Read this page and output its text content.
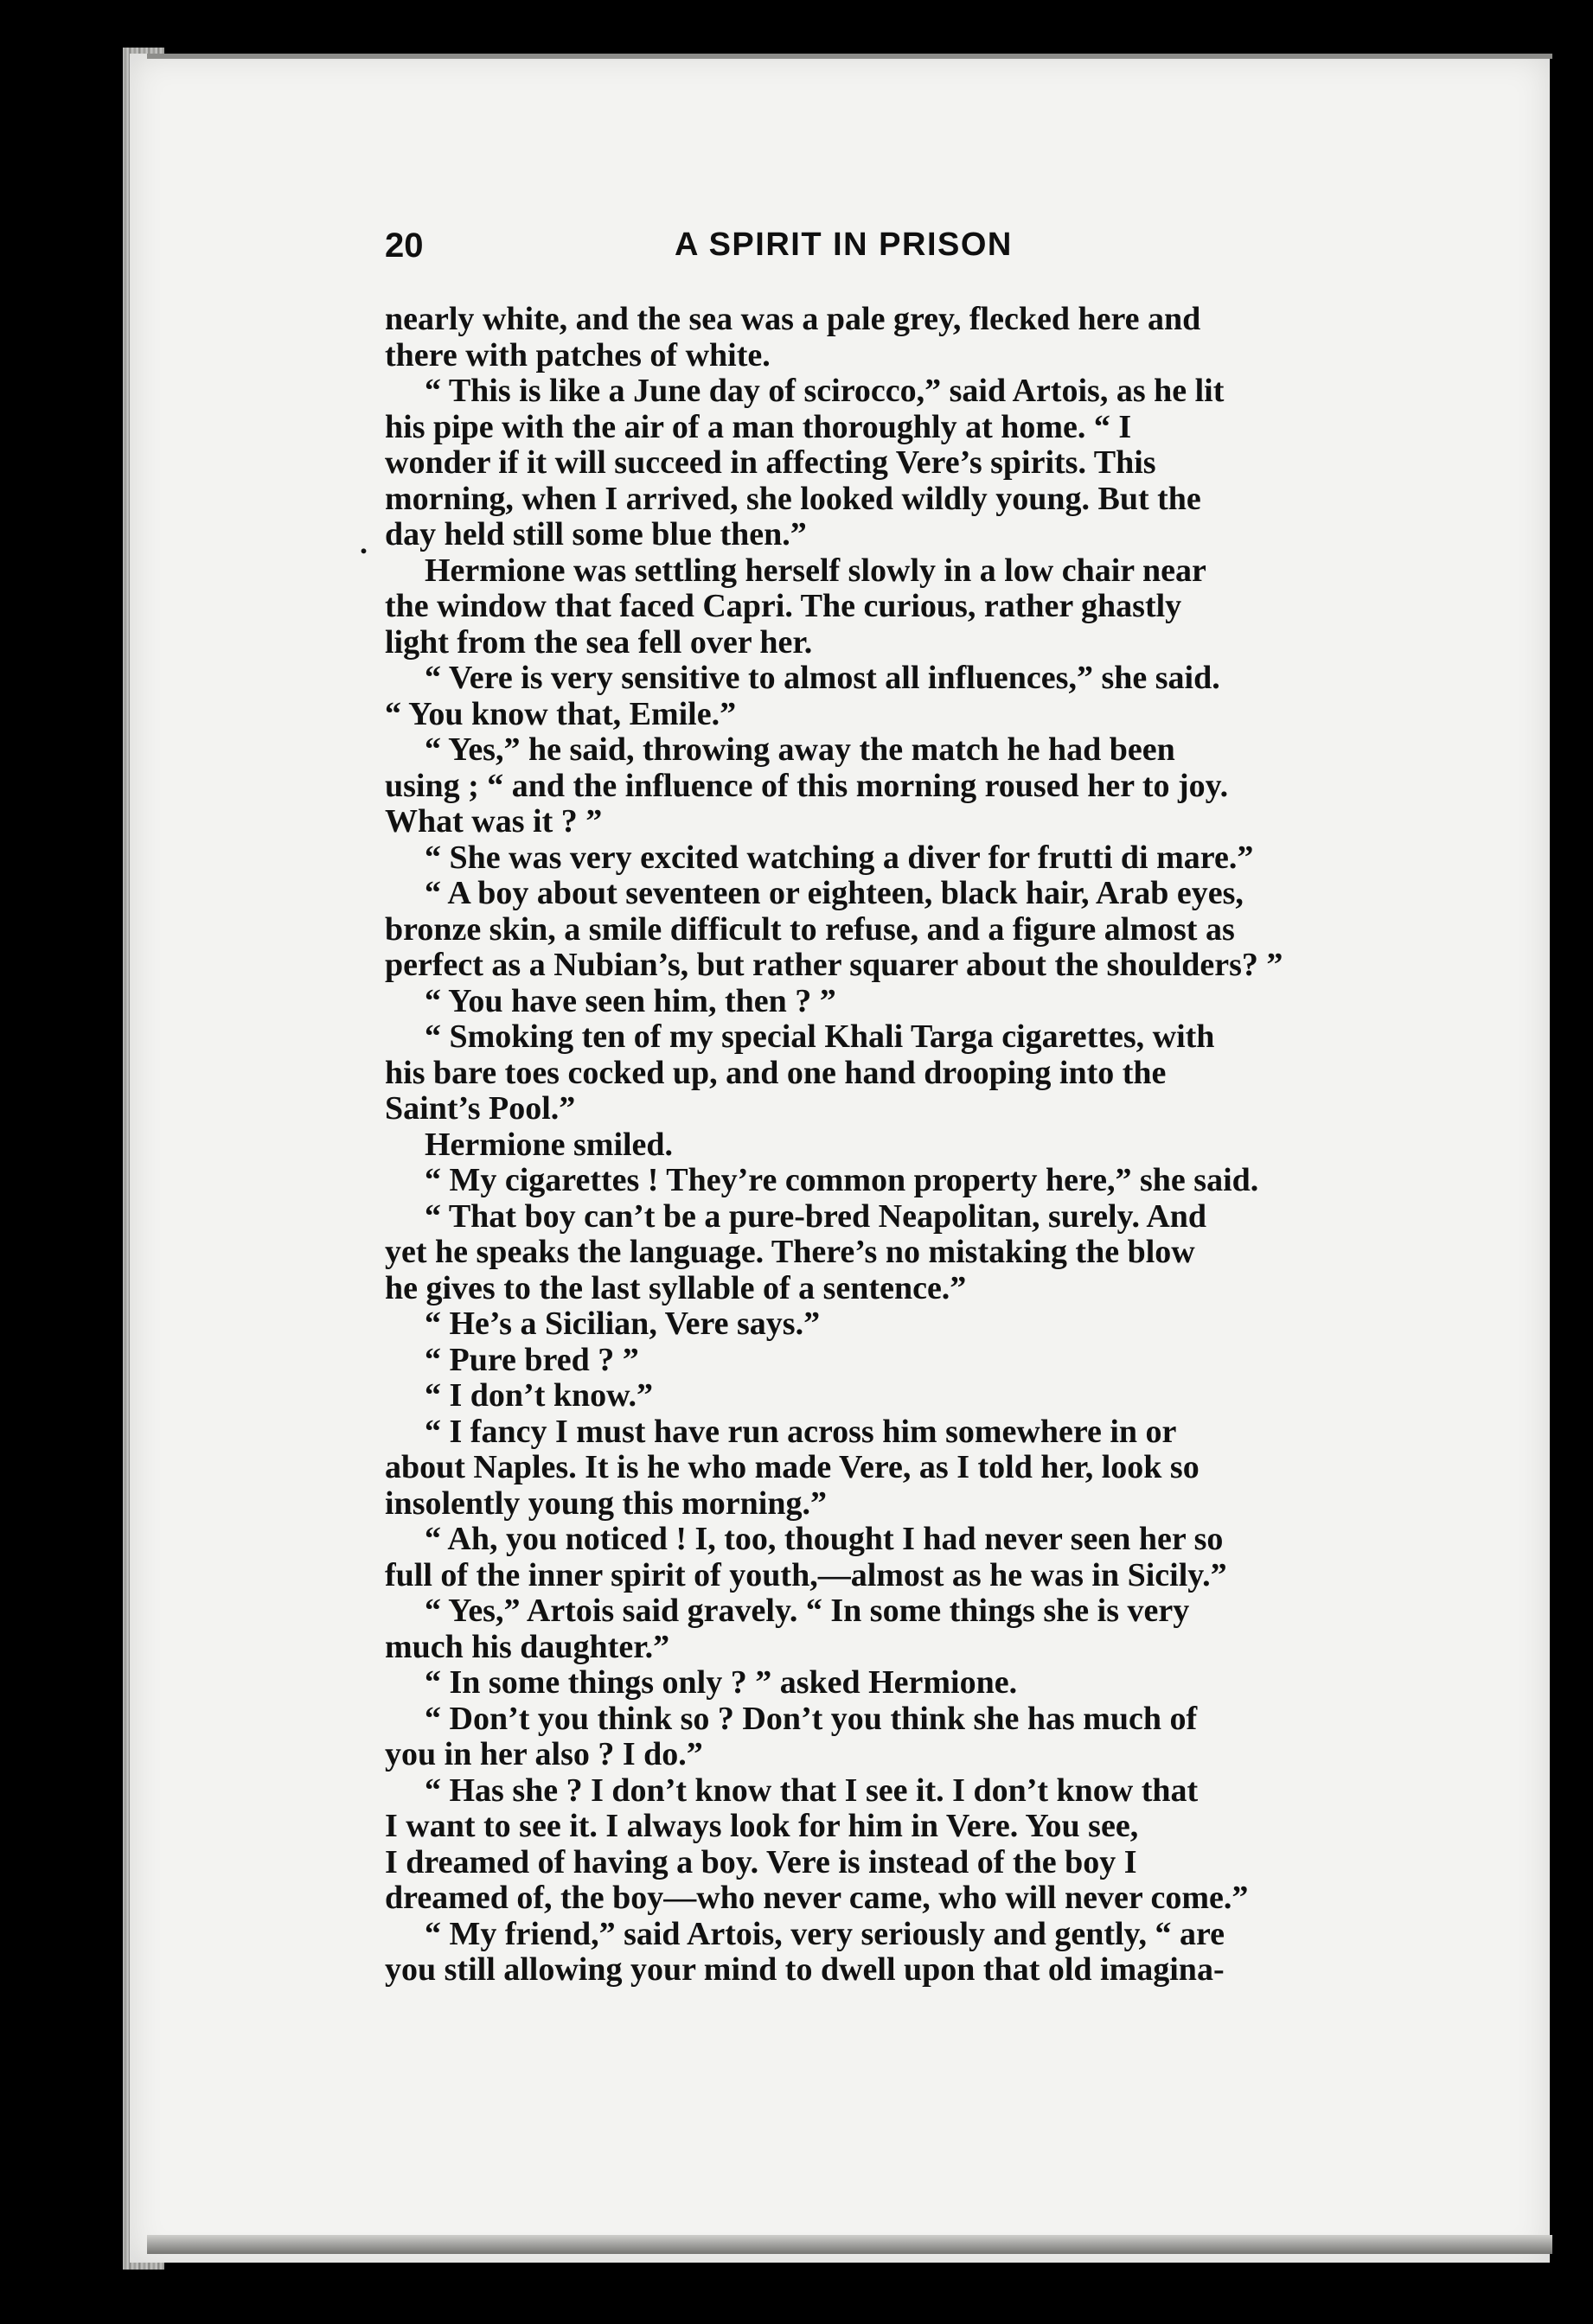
20	A SPIRIT IN PRISON
.
nearly white, and the sea was a pale grey, flecked here and
there with patches of white.
“ This is like a June day of scirocco,” said Artois, as he lit
his pipe with the air of a man thoroughly at home. “ I
wonder if it will succeed in affecting Vere’s spirits. This
morning, when I arrived, she looked wildly young. But the
day held still some blue then.”
Hermione was settling herself slowly in a low chair near
the window that faced Capri. The curious, rather ghastly
light from the sea fell over her.
“ Vere is very sensitive to almost all influences,” she said.
“ You know that, Emile.”
“ Yes,” he said, throwing away the match he had been
using ; “ and the influence of this morning roused her to joy.
What was it ? ”
“ She was very excited watching a diver for frutti di mare.”
“ A boy about seventeen or eighteen, black hair, Arab eyes,
bronze skin, a smile difficult to refuse, and a figure almost as
perfect as a Nubian’s, but rather squarer about the shoulders? ”
“ You have seen him, then ? ”
“ Smoking ten of my special Khali Targa cigarettes, with
his bare toes cocked up, and one hand drooping into the
Saint’s Pool.”
Hermione smiled.
“ My cigarettes ! They’re common property here,” she said.
“ That boy can’t be a pure-bred Neapolitan, surely. And
yet he speaks the language. There’s no mistaking the blow
he gives to the last syllable of a sentence.”
“ He’s a Sicilian, Vere says.”
“ Pure bred ? ”
“ I don’t know.”
“ I fancy I must have run across him somewhere in or
about Naples. It is he who made Vere, as I told her, look so
insolently young this morning.”
“ Ah, you noticed ! I, too, thought I had never seen her so
full of the inner spirit of youth,—almost as he was in Sicily.”
“ Yes,” Artois said gravely. “ In some things she is very
much his daughter.”
“ In some things only ? ” asked Hermione.
“ Don’t you think so ? Don’t you think she has much of
you in her also ? I do.”
“ Has she ? I don’t know that I see it. I don’t know that
I want to see it. I always look for him in Vere. You see,
I dreamed of having a boy. Vere is instead of the boy I
dreamed of, the boy—who never came, who will never come.”
“ My friend,” said Artois, very seriously and gently, “ are
you still allowing your mind to dwell upon that old imagina-
